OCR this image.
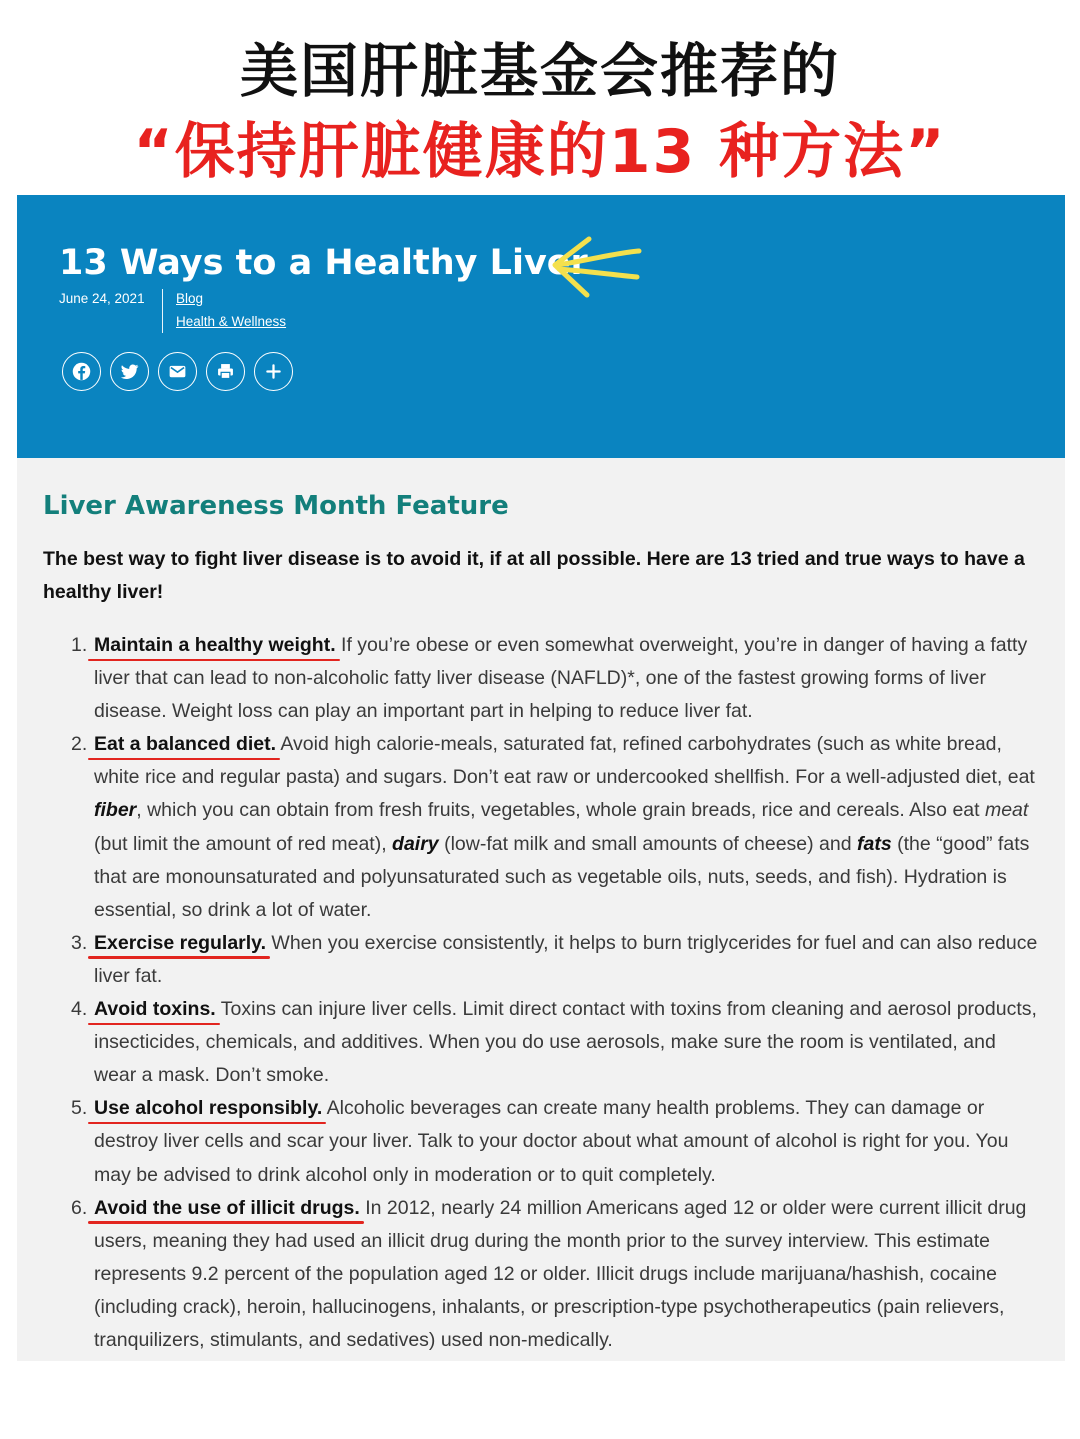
美国肝脏基金会推荐的
“保持肝脏健康的13 种方法”
13 Ways to a Healthy Liver
June 24, 2021 Blog
Health & Wellness
Liver Awareness Month Feature
The best way to fight liver disease is to avoid it, if at all possible. Here are 13 tried and true ways to have a healthy liver!
1. Maintain a healthy weight. If you’re obese or even somewhat overweight, you’re in danger of having a fatty liver that can lead to non-alcoholic fatty liver disease (NAFLD)*, one of the fastest growing forms of liver disease. Weight loss can play an important part in helping to reduce liver fat.
2. Eat a balanced diet. Avoid high calorie-meals, saturated fat, refined carbohydrates (such as white bread, white rice and regular pasta) and sugars. Don’t eat raw or undercooked shellfish. For a well-adjusted diet, eat fiber, which you can obtain from fresh fruits, vegetables, whole grain breads, rice and cereals. Also eat meat (but limit the amount of red meat), dairy (low-fat milk and small amounts of cheese) and fats (the “good” fats that are monounsaturated and polyunsaturated such as vegetable oils, nuts, seeds, and fish). Hydration is essential, so drink a lot of water.
3. Exercise regularly. When you exercise consistently, it helps to burn triglycerides for fuel and can also reduce liver fat.
4. Avoid toxins. Toxins can injure liver cells. Limit direct contact with toxins from cleaning and aerosol products, insecticides, chemicals, and additives. When you do use aerosols, make sure the room is ventilated, and wear a mask. Don’t smoke.
5. Use alcohol responsibly. Alcoholic beverages can create many health problems. They can damage or destroy liver cells and scar your liver. Talk to your doctor about what amount of alcohol is right for you. You may be advised to drink alcohol only in moderation or to quit completely.
6. Avoid the use of illicit drugs. In 2012, nearly 24 million Americans aged 12 or older were current illicit drug users, meaning they had used an illicit drug during the month prior to the survey interview. This estimate represents 9.2 percent of the population aged 12 or older. Illicit drugs include marijuana/hashish, cocaine (including crack), heroin, hallucinogens, inhalants, or prescription-type psychotherapeutics (pain relievers, tranquilizers, stimulants, and sedatives) used non-medically.
